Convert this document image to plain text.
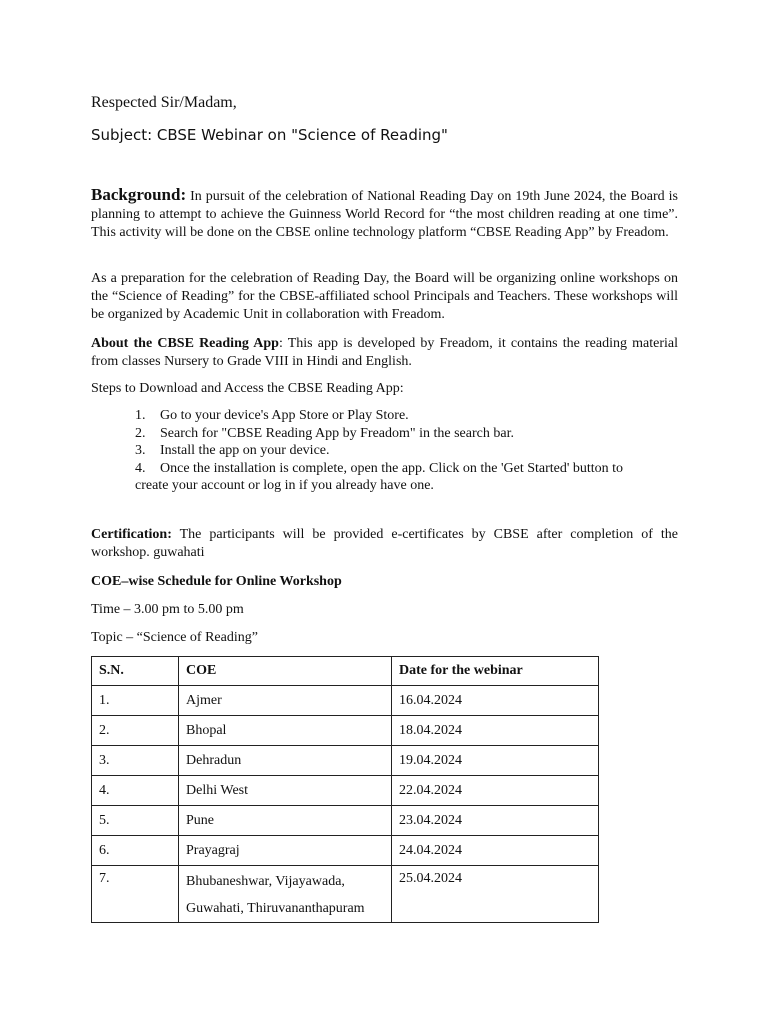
Respected Sir/Madam,
Subject: CBSE Webinar on "Science of Reading"
Background: In pursuit of the celebration of National Reading Day on 19th June 2024, the Board is planning to attempt to achieve the Guinness World Record for “the most children reading at one time”. This activity will be done on the CBSE online technology platform “CBSE Reading App” by Freadom.
As a preparation for the celebration of Reading Day, the Board will be organizing online workshops on the “Science of Reading” for the CBSE-affiliated school Principals and Teachers. These workshops will be organized by Academic Unit in collaboration with Freadom.
About the CBSE Reading App: This app is developed by Freadom, it contains the reading material from classes Nursery to Grade VIII in Hindi and English.
Steps to Download and Access the CBSE Reading App:
1. Go to your device's App Store or Play Store.
2. Search for "CBSE Reading App by Freadom" in the search bar.
3. Install the app on your device.
4. Once the installation is complete, open the app. Click on the 'Get Started' button to
create your account or log in if you already have one.
Certification: The participants will be provided e-certificates by CBSE after completion of the workshop. guwahati
COE–wise Schedule for Online Workshop
Time – 3.00 pm to 5.00 pm
Topic – “Science of Reading”
S.N.	COE	Date for the webinar
1.	Ajmer	16.04.2024
2.	Bhopal	18.04.2024
3.	Dehradun	19.04.2024
4.	Delhi West	22.04.2024
5.	Pune	23.04.2024
6.	Prayagraj	24.04.2024
7.	Bhubaneshwar, Vijayawada,
Guwahati, Thiruvananthapuram	25.04.2024
